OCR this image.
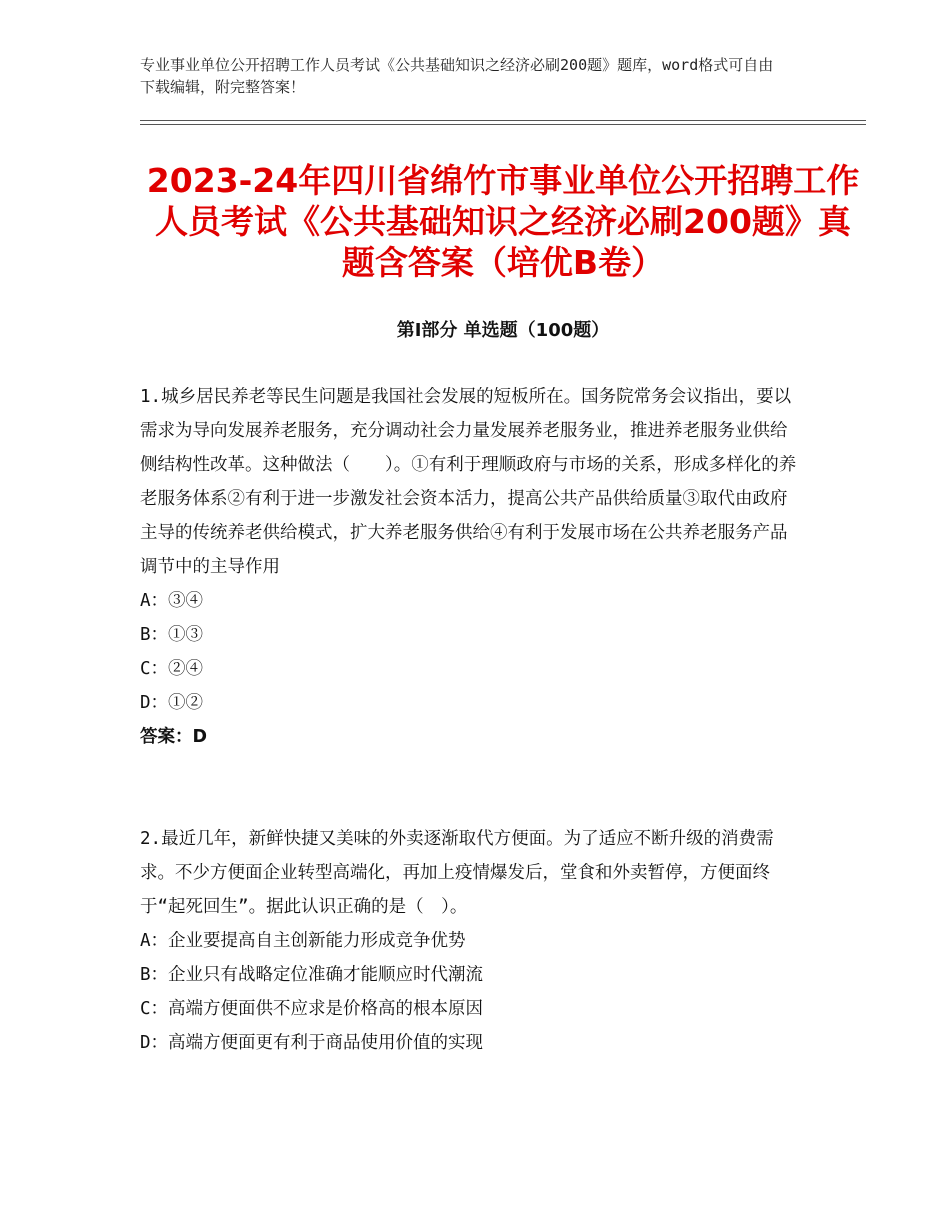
专业事业单位公开招聘工作人员考试《公共基础知识之经济必刷200题》题库，word格式可自由下载编辑，附完整答案！
2023-24年四川省绵竹市事业单位公开招聘工作人员考试《公共基础知识之经济必刷200题》真题含答案（培优B卷）
第Ⅰ部分 单选题（100题）

1.城乡居民养老等民生问题是我国社会发展的短板所在。国务院常务会议指出，要以需求为导向发展养老服务，充分调动社会力量发展养老服务业，推进养老服务业供给侧结构性改革。这种做法（　　）。①有利于理顺政府与市场的关系，形成多样化的养老服务体系②有利于进一步激发社会资本活力，提高公共产品供给质量③取代由政府主导的传统养老供给模式，扩大养老服务供给④有利于发展市场在公共养老服务产品调节中的主导作用

A：③④

B：①③

C：②④

D：①②

答案：D

2.最近几年，新鲜快捷又美味的外卖逐渐取代方便面。为了适应不断升级的消费需求。不少方便面企业转型高端化，再加上疫情爆发后，堂食和外卖暂停，方便面终于“起死回生”。据此认识正确的是（　）。

A：企业要提高自主创新能力形成竞争优势

B：企业只有战略定位准确才能顺应时代潮流

C：高端方便面供不应求是价格高的根本原因

D：高端方便面更有利于商品使用价值的实现
